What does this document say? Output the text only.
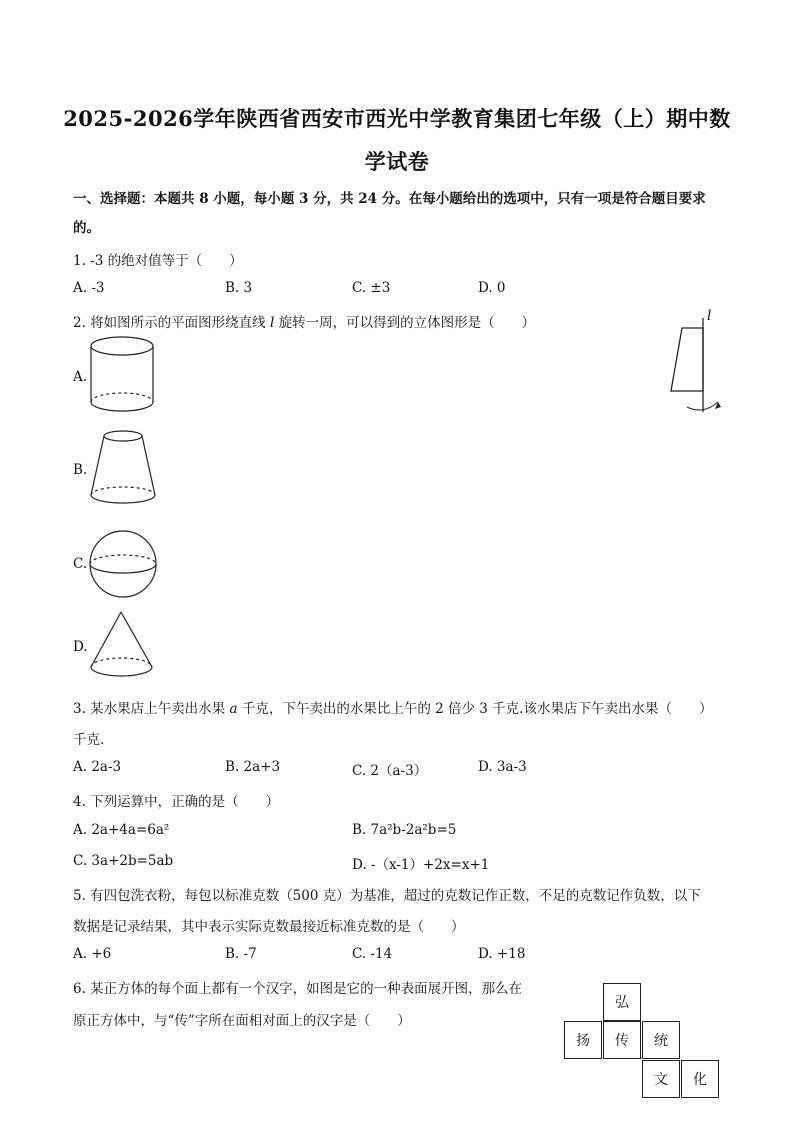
2025-2026学年陕西省西安市西光中学教育集团七年级（上）期中数
学试卷
一、选择题：本题共 8 小题，每小题 3 分，共 24 分。在每小题给出的选项中，只有一项是符合题目要求
的。
1. -3 的绝对值等于（　　）
A. -3	B. 3	C. ±3	D. 0
2. 将如图所示的平面图形绕直线 l 旋转一周，可以得到的立体图形是（　　）	l
A.
B.
C.
D.
3. 某水果店上午卖出水果 a 千克，下午卖出的水果比上午的 2 倍少 3 千克.该水果店下午卖出水果（　　）
千克.
A. 2a-3	B. 2a+3	C. 2（a-3）	D. 3a-3
4. 下列运算中，正确的是（　　）
A. 2a+4a=6a²	B. 7a²b-2a²b=5
C. 3a+2b=5ab	D. -（x-1）+2x=x+1
5. 有四包洗衣粉，每包以标准克数（500 克）为基准，超过的克数记作正数，不足的克数记作负数，以下
数据是记录结果，其中表示实际克数最接近标准克数的是（　　）
A. +6	B. -7	C. -14	D. +18
6. 某正方体的每个面上都有一个汉字，如图是它的一种表面展开图，那么在
原正方体中，与“传”字所在面相对面上的汉字是（　　）
弘
扬	传	统
文	化
